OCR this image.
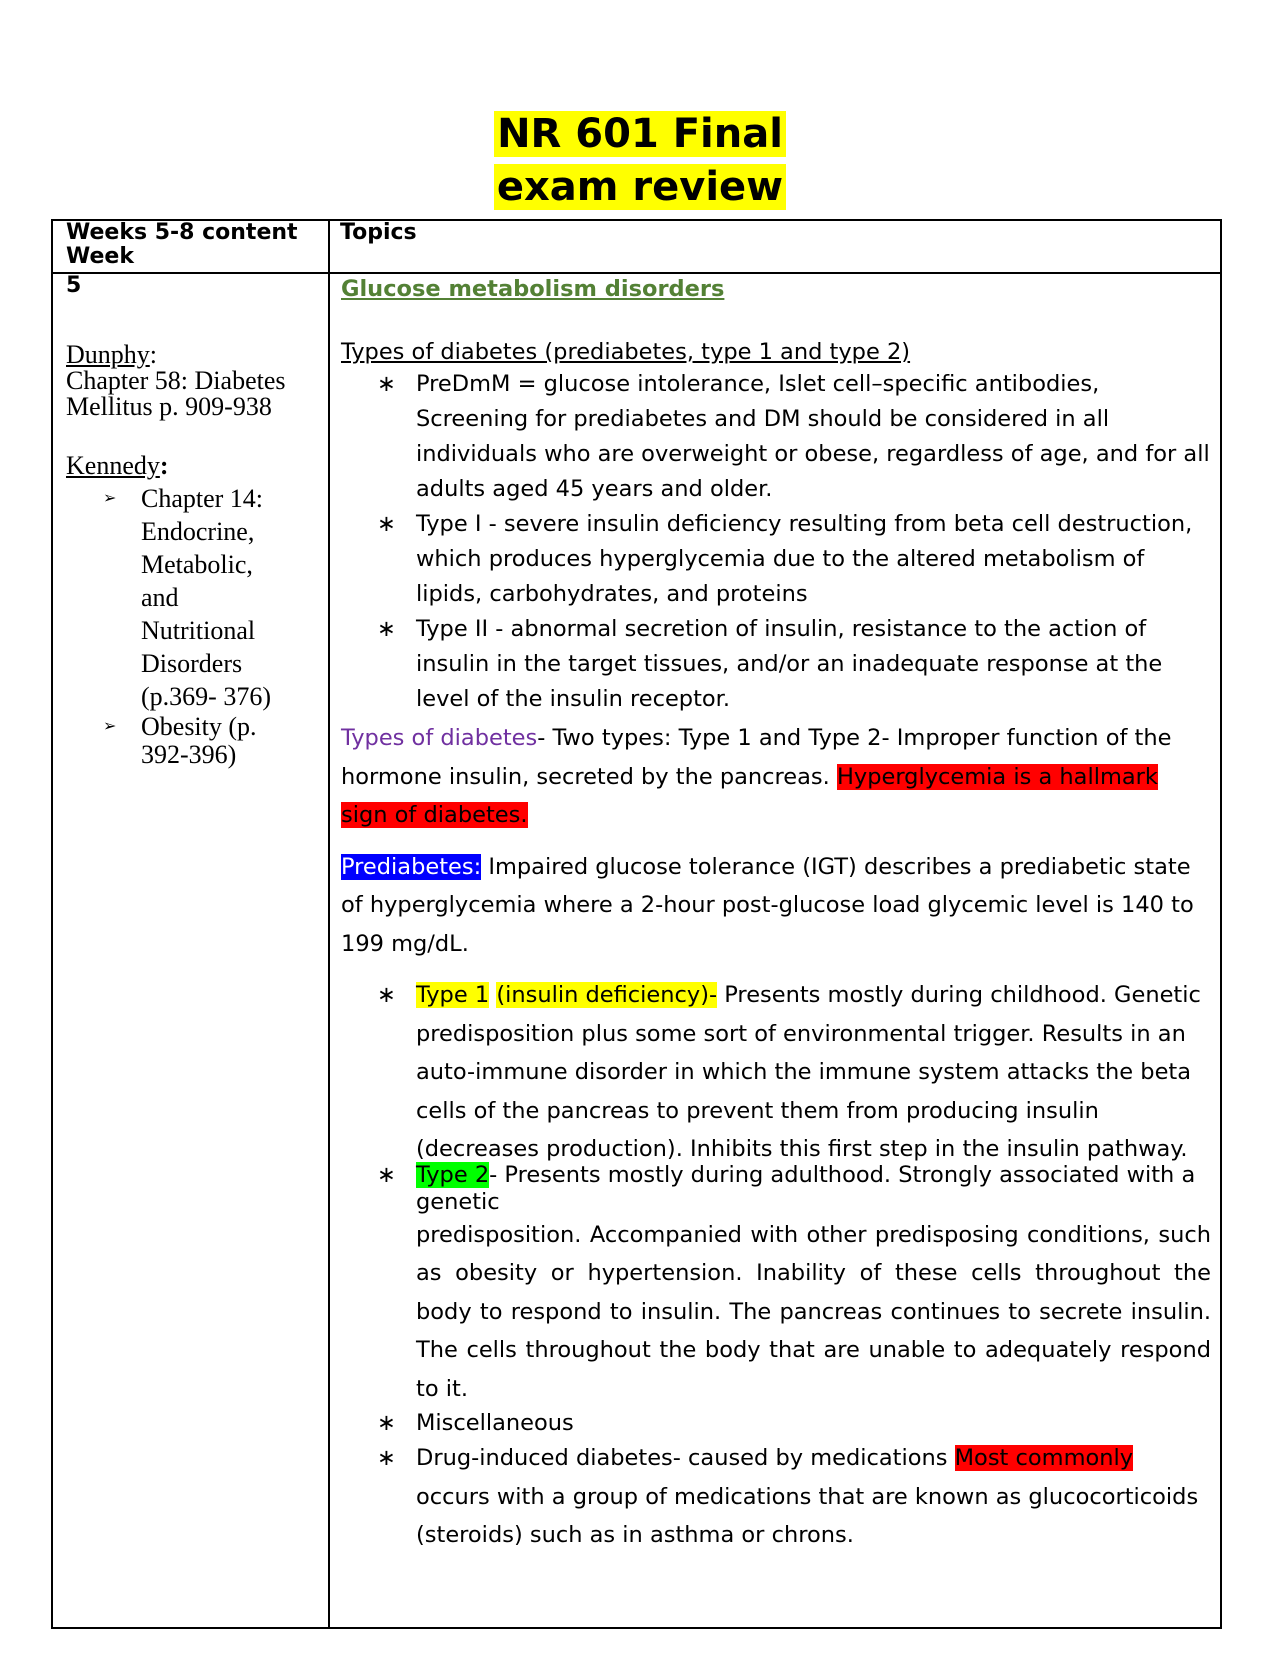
NR 601 Final
exam review
Weeks 5-8 content
Week
Topics
5
Dunphy:
Chapter 58: Diabetes
Mellitus p. 909-938
Kennedy:
➢ Chapter 14:
Endocrine,
Metabolic,
and
Nutritional
Disorders
(p.369- 376)
➢ Obesity (p.
392-396)
Glucose metabolism disorders
Types of diabetes (prediabetes, type 1 and type 2)
∗ PreDmM = glucose intolerance, Islet cell–specific antibodies, Screening for prediabetes and DM should be considered in all individuals who are overweight or obese, regardless of age, and for all adults aged 45 years and older.
∗ Type I - severe insulin deficiency resulting from beta cell destruction, which produces hyperglycemia due to the altered metabolism of lipids, carbohydrates, and proteins
∗ Type II - abnormal secretion of insulin, resistance to the action of insulin in the target tissues, and/or an inadequate response at the level of the insulin receptor.
Types of diabetes- Two types: Type 1 and Type 2- Improper function of the hormone insulin, secreted by the pancreas. Hyperglycemia is a hallmark sign of diabetes.
Prediabetes: Impaired glucose tolerance (IGT) describes a prediabetic state of hyperglycemia where a 2-hour post-glucose load glycemic level is 140 to 199 mg/dL.
∗ Type 1 (insulin deficiency)- Presents mostly during childhood. Genetic predisposition plus some sort of environmental trigger. Results in an auto-immune disorder in which the immune system attacks the beta cells of the pancreas to prevent them from producing insulin (decreases production). Inhibits this first step in the insulin pathway.
∗ Type 2- Presents mostly during adulthood. Strongly associated with a genetic
predisposition. Accompanied with other predisposing conditions, such as obesity or hypertension. Inability of these cells throughout the body to respond to insulin. The pancreas continues to secrete insulin. The cells throughout the body that are unable to adequately respond to it.
∗ Miscellaneous
∗ Drug-induced diabetes- caused by medications Most commonly occurs with a group of medications that are known as glucocorticoids (steroids) such as in asthma or chrons.
